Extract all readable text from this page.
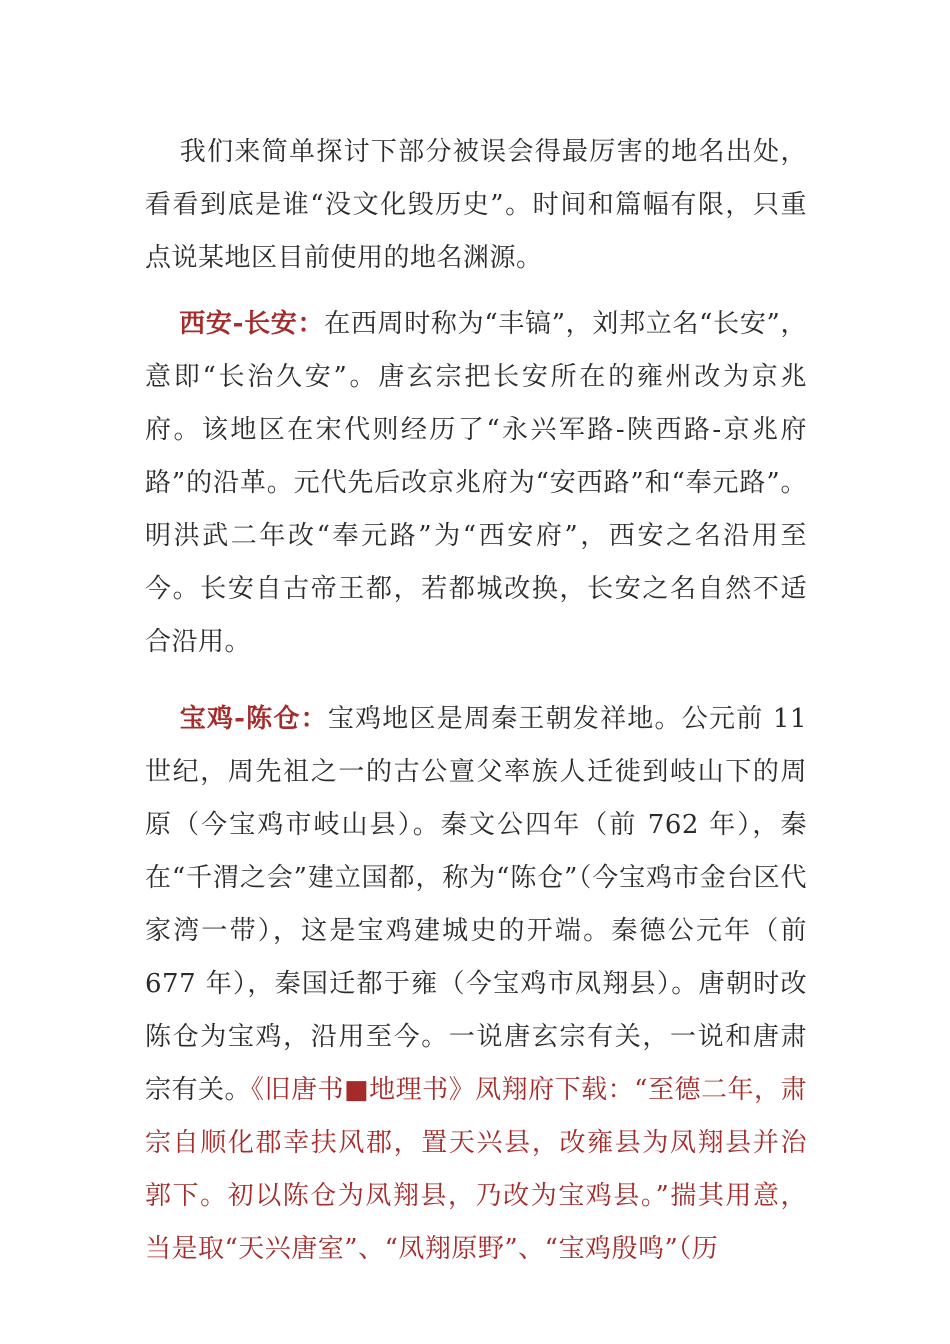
我们来简单探讨下部分被误会得最厉害的地名出处，看看到底是谁“没文化毁历史”。时间和篇幅有限，只重点说某地区目前使用的地名渊源。

西安-长安：在西周时称为“丰镐”，刘邦立名“长安”，意即“长治久安”。唐玄宗把长安所在的雍州改为京兆府。该地区在宋代则经历了“永兴军路-陕西路-京兆府路”的沿革。元代先后改京兆府为“安西路”和“奉元路”。明洪武二年改“奉元路”为“西安府”，西安之名沿用至今。长安自古帝王都，若都城改换，长安之名自然不适合沿用。

宝鸡-陈仓：宝鸡地区是周秦王朝发祥地。公元前 11 世纪，周先祖之一的古公亶父率族人迁徙到岐山下的周原（今宝鸡市岐山县）。秦文公四年（前 762 年），秦在“千渭之会”建立国都，称为“陈仓”（今宝鸡市金台区代家湾一带），这是宝鸡建城史的开端。秦德公元年（前 677 年），秦国迁都于雍（今宝鸡市凤翔县）。唐朝时改陈仓为宝鸡，沿用至今。一说唐玄宗有关，一说和唐肃宗有关。《旧唐书■地理书》凤翔府下载：“至德二年，肃宗自顺化郡幸扶风郡，置天兴县，改雍县为凤翔县并治郭下。初以陈仓为凤翔县，乃改为宝鸡县。”揣其用意，当是取“天兴唐室”、“凤翔原野”、“宝鸡殷鸣”（历
